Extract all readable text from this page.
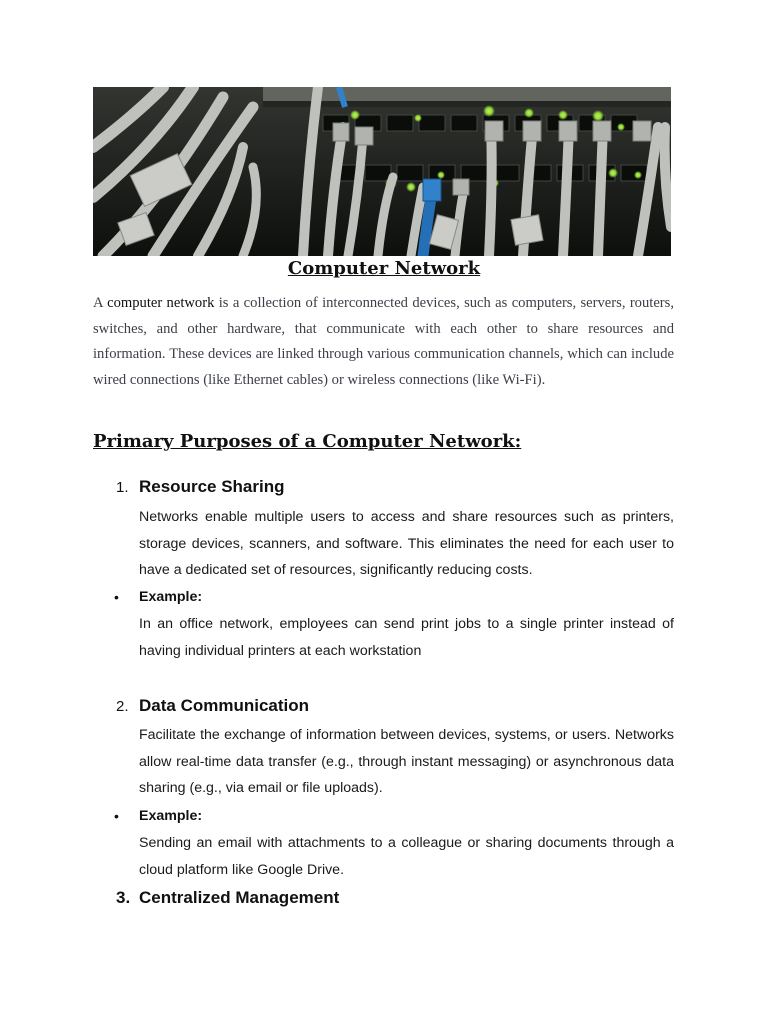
Computer Network

A computer network is a collection of interconnected devices, such as computers, servers, routers, switches, and other hardware, that communicate with each other to share resources and information. These devices are linked through various communication channels, which can include wired connections (like Ethernet cables) or wireless connections (like Wi-Fi).

Primary Purposes of a Computer Network:
1. Resource Sharing

Networks enable multiple users to access and share resources such as printers, storage devices, scanners, and software. This eliminates the need for each user to have a dedicated set of resources, significantly reducing costs.

• Example:

In an office network, employees can send print jobs to a single printer instead of having individual printers at each workstation

2. Data Communication

Facilitate the exchange of information between devices, systems, or users. Networks allow real-time data transfer (e.g., through instant messaging) or asynchronous data sharing (e.g., via email or file uploads).

• Example:

Sending an email with attachments to a colleague or sharing documents through a cloud platform like Google Drive.

3. Centralized Management
